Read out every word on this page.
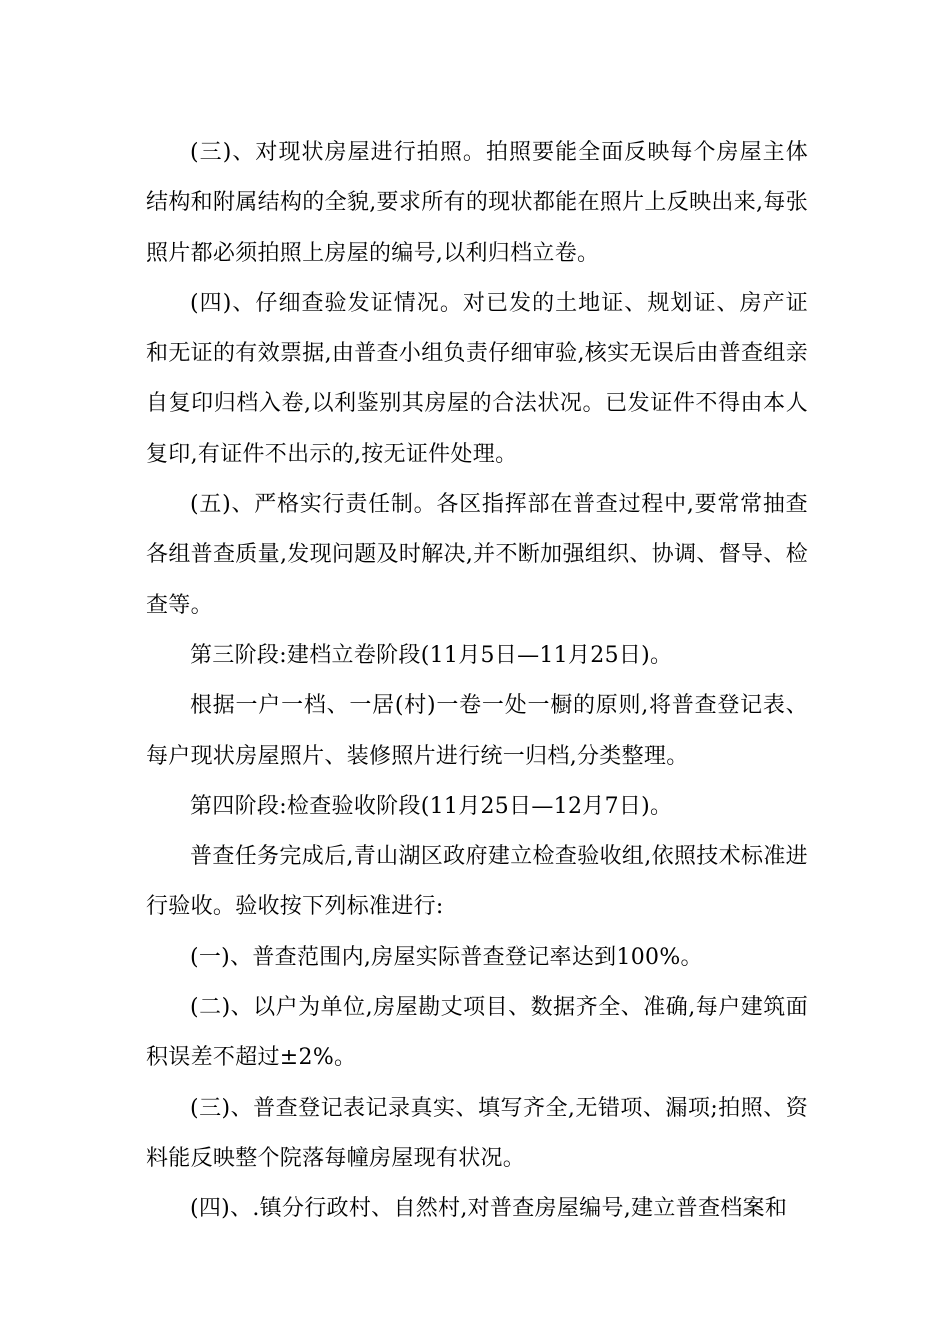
(三)、对现状房屋进行拍照。拍照要能全面反映每个房屋主体结构和附属结构的全貌,要求所有的现状都能在照片上反映出来,每张照片都必须拍照上房屋的编号,以利归档立卷。

(四)、仔细查验发证情况。对已发的土地证、规划证、房产证和无证的有效票据,由普查小组负责仔细审验,核实无误后由普查组亲自复印归档入卷,以利鉴别其房屋的合法状况。已发证件不得由本人复印,有证件不出示的,按无证件处理。

(五)、严格实行责任制。各区指挥部在普查过程中,要常常抽查各组普查质量,发现问题及时解决,并不断加强组织、协调、督导、检查等。

第三阶段:建档立卷阶段(11月5日—11月25日)。

根据一户一档、一居(村)一卷一处一橱的原则,将普查登记表、每户现状房屋照片、装修照片进行统一归档,分类整理。

第四阶段:检查验收阶段(11月25日—12月7日)。

普查任务完成后,青山湖区政府建立检查验收组,依照技术标准进行验收。验收按下列标准进行:

(一)、普查范围内,房屋实际普查登记率达到100%。

(二)、以户为单位,房屋勘丈项目、数据齐全、准确,每户建筑面积误差不超过±2%。

(三)、普查登记表记录真实、填写齐全,无错项、漏项;拍照、资料能反映整个院落每幢房屋现有状况。

(四)、.镇分行政村、自然村,对普查房屋编号,建立普查档案和
